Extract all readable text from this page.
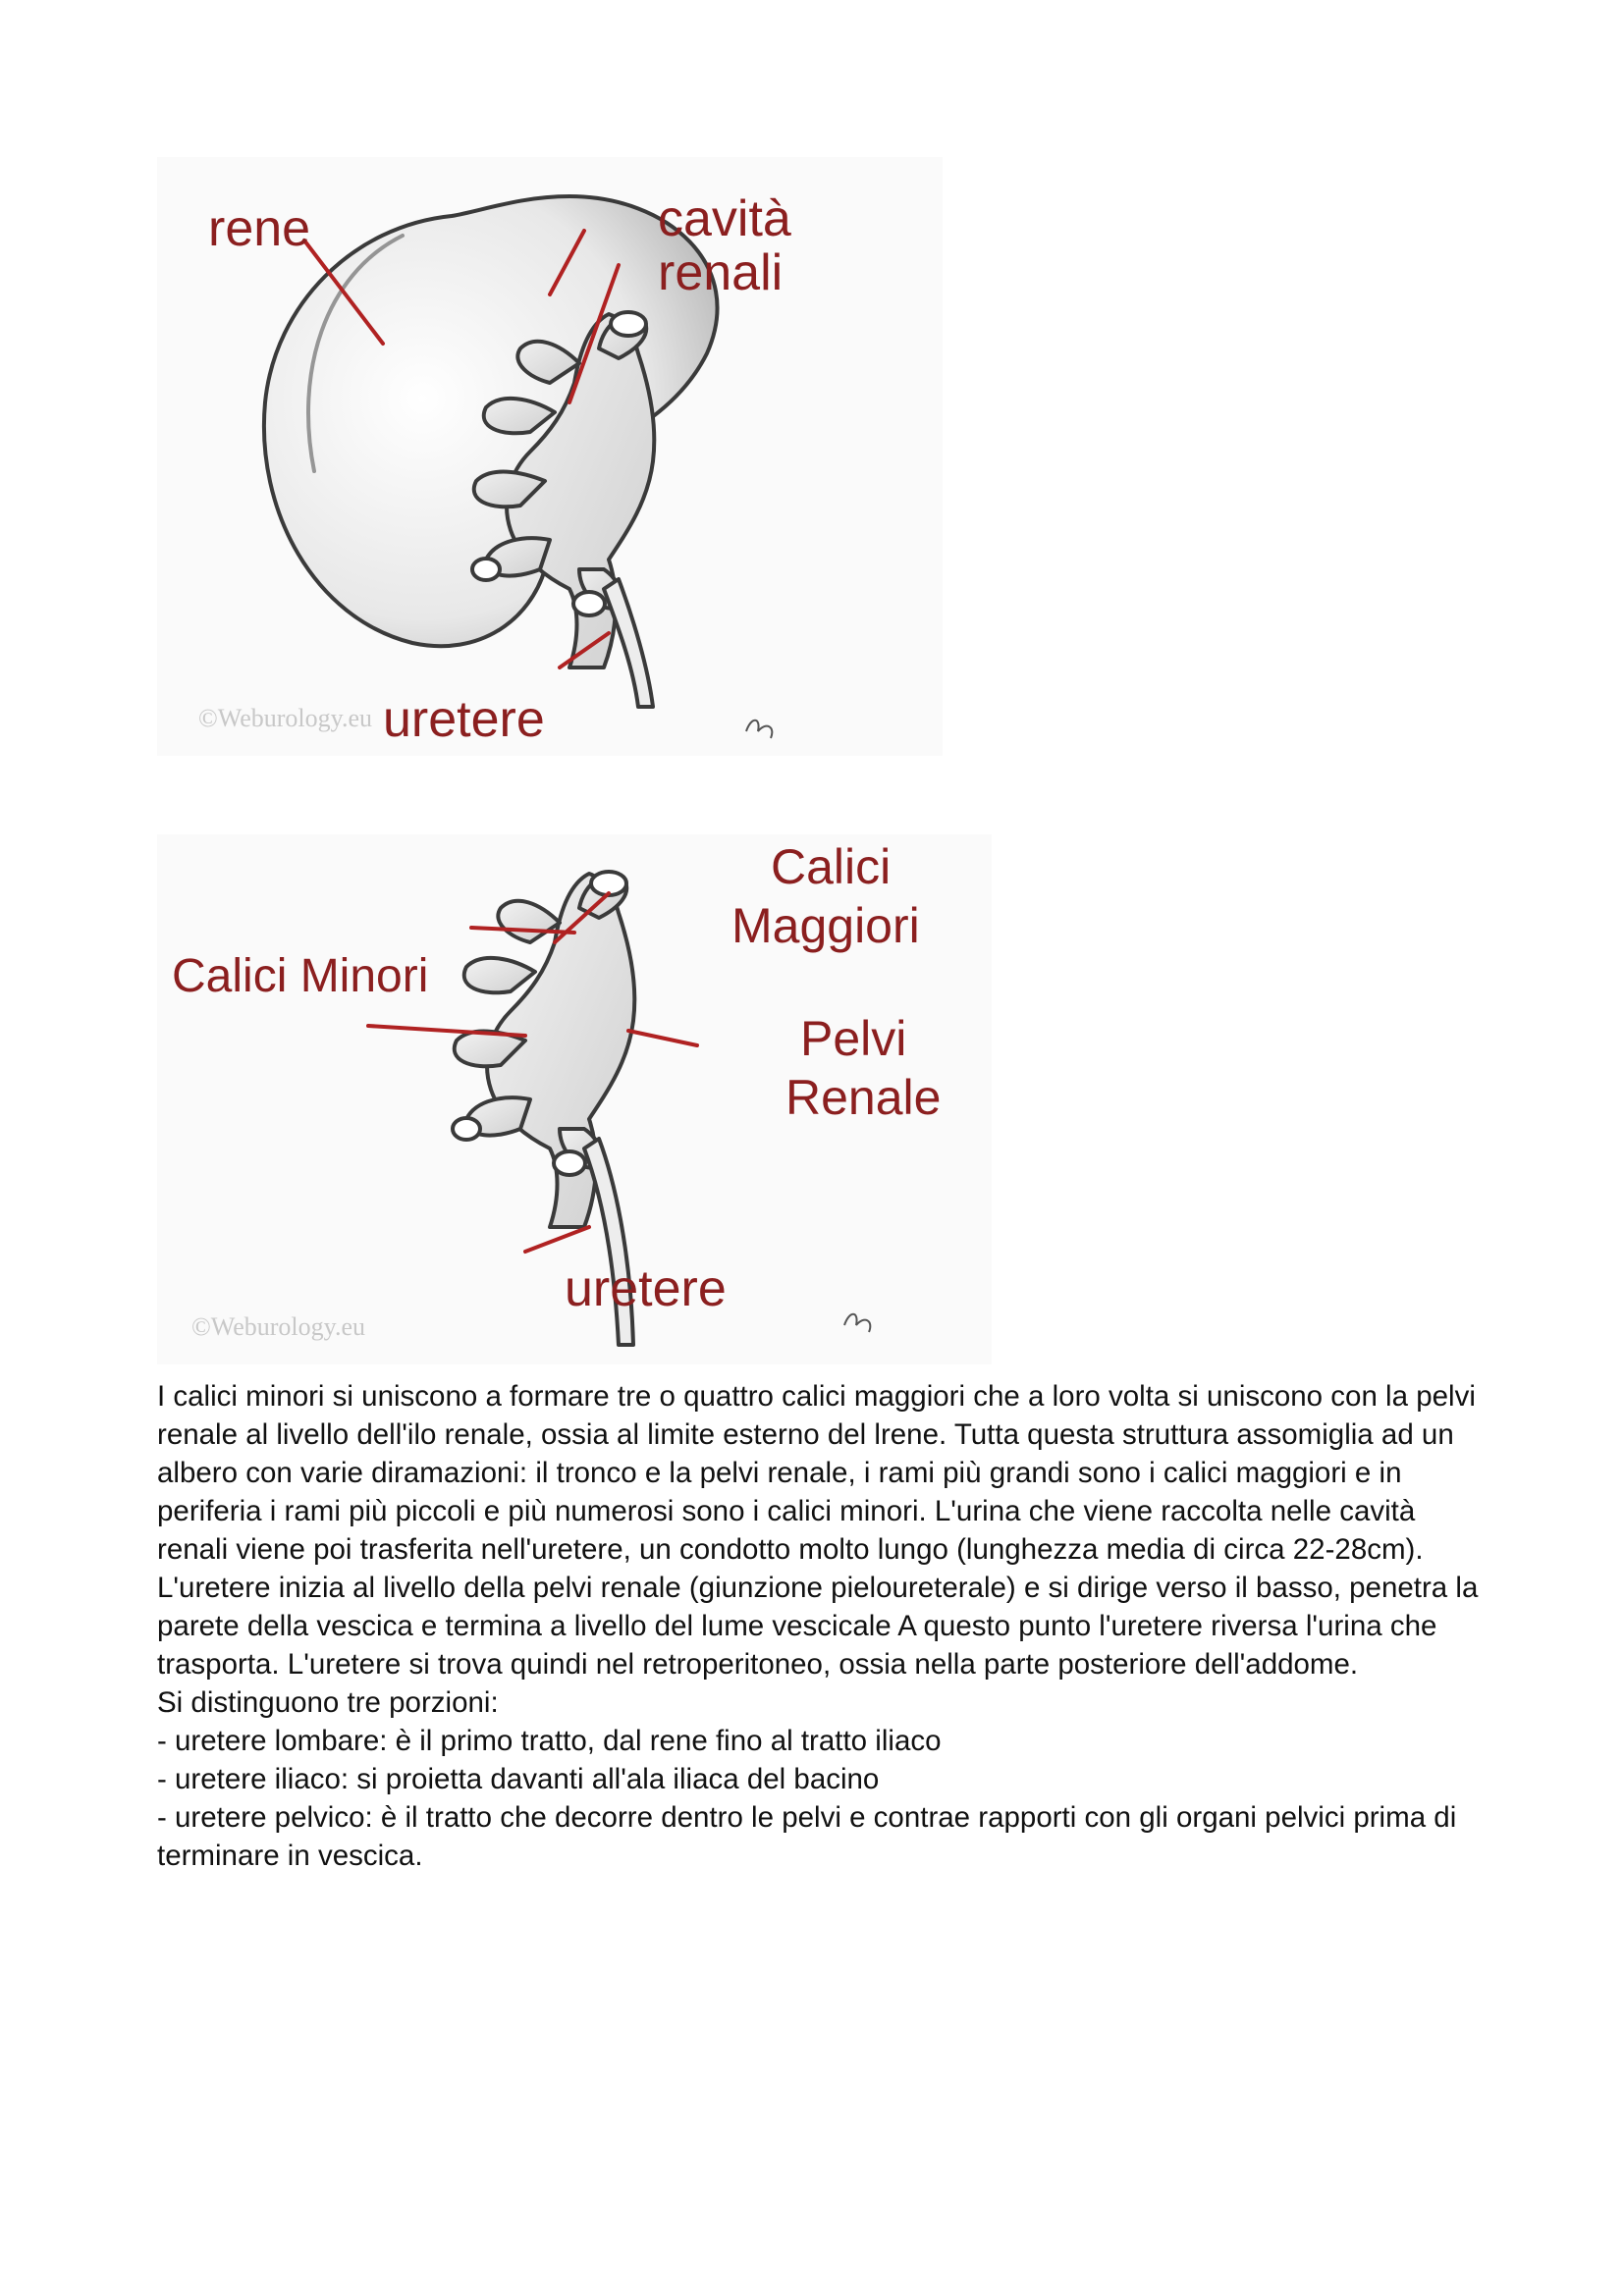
rene	cavità
renali
uretere
©Weburology.eu
Calici Minori
Calici
Maggiori
Pelvi
Renale
uretere
©Weburology.eu

I calici minori si uniscono a formare tre o quattro calici maggiori che a loro volta si uniscono con la pelvi renale al livello dell'ilo renale, ossia al limite esterno del lrene. Tutta questa struttura assomiglia ad un albero con varie diramazioni: il tronco e la pelvi renale, i rami più grandi sono i calici maggiori e in periferia i rami più piccoli e più numerosi sono i calici minori. L'urina che viene raccolta nelle cavità renali viene poi trasferita nell'uretere, un condotto molto lungo (lunghezza media di circa 22-28cm). L'uretere inizia al livello della pelvi renale (giunzione pieloureterale) e si dirige verso il basso, penetra la parete della vescica e termina a livello del lume vescicale A questo punto l'uretere riversa l'urina che trasporta. L'uretere si trova quindi nel retroperitoneo, ossia nella parte posteriore dell'addome.

Si distinguono tre porzioni:

- uretere lombare: è il primo tratto, dal rene fino al tratto iliaco

- uretere iliaco: si proietta davanti all'ala iliaca del bacino

- uretere pelvico: è il tratto che decorre dentro le pelvi e contrae rapporti con gli organi pelvici prima di terminare in vescica.
